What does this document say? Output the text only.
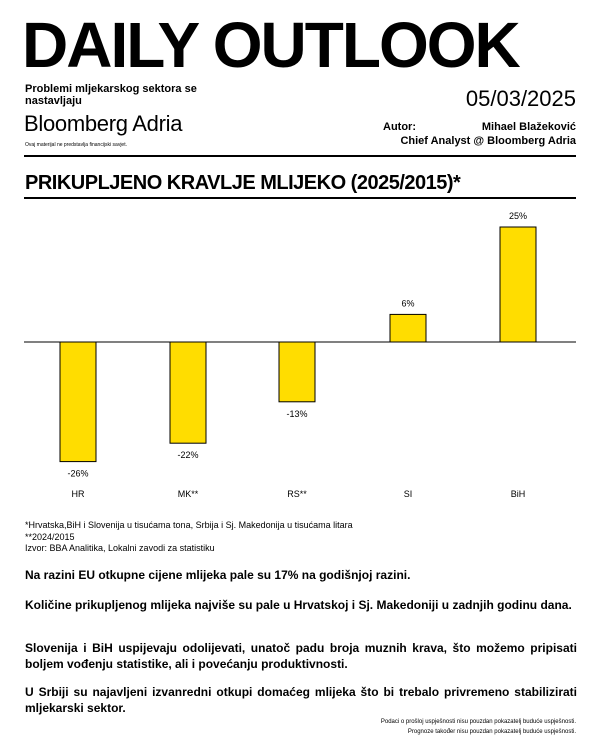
DAILY OUTLOOK
Problemi mljekarskog sektora se nastavljaju
Bloomberg Adria
Ovaj materijal ne predstavlja financijski savjet.
05/03/2025
Autor:	Mihael Blažeković
Chief Analyst @ Bloomberg Adria
PRIKUPLJENO KRAVLJE MLIJEKO (2025/2015)*
-26%
HR
-22%
MK**
-13%
RS**
6%
SI
25%
BiH
*Hrvatska,BiH i Slovenija u tisućama tona, Srbija i Sj. Makedonija u tisućama litara
**2024/2015
Izvor: BBA Analitika, Lokalni zavodi za statistiku
Na razini EU otkupne cijene mlijeka pale su 17% na godišnjoj razini.
Količine prikupljenog mlijeka najviše su pale u Hrvatskoj i Sj. Makedoniji u zadnjih godinu dana.
Slovenija i BiH uspijevaju odolijevati, unatoč padu broja muznih krava, što možemo pripisati boljem vođenju statistike, ali i povećanju produktivnosti.
U Srbiji su najavljeni izvanredni otkupi domaćeg mlijeka što bi trebalo privremeno stabilizirati mljekarski sektor.
Podaci o prošloj uspješnosti nisu pouzdan pokazatelj buduće uspješnosti.
Prognoze također nisu pouzdan pokazatelj buduće uspješnosti.
